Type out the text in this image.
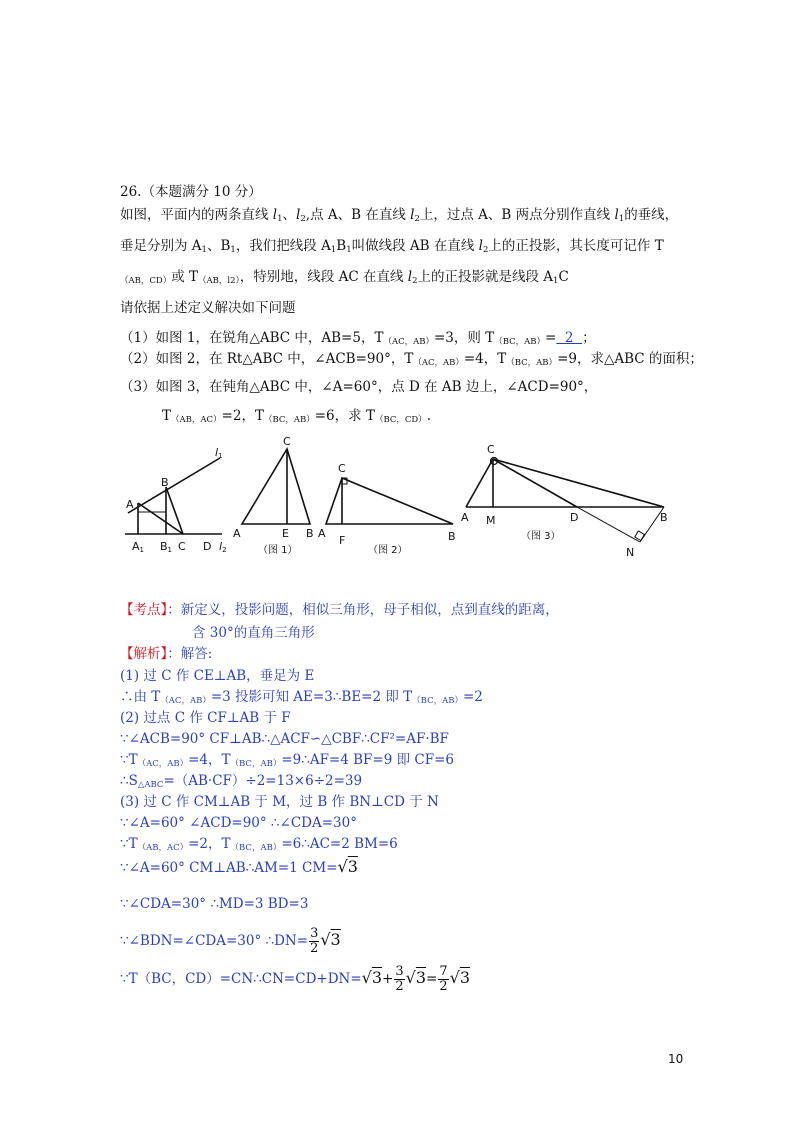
26.（本题满分 10 分）
如图，平面内的两条直线 $l_1$、$l_2$,点 A、B 在直线 $l_2$上，过点 A、B 两点分别作直线 $l_1$的垂线，
垂足分别为 $A_1$、$B_1$，我们把线段 $A_1B_1$叫做线段 AB 在直线 $l_2$上的正投影，其长度可记作 T
$_{(AB,CD)}$或 $T_{(AB,l2)}$，特别地，线段 AC 在直线 $l_2$上的正投影就是线段 $A_1C$
请依据上述定义解决如下问题
（1）如图 1，在锐角△ABC 中，AB=5，$T_{(AC,AB)}=3$，则 $T_{(BC,AB)}= 2$  ；
（2）如图 2，在 Rt△ABC 中，∠ACB=90°，$T_{(AC,AB)}=4$，$T_{(BC,AB)}=9$，求△ABC 的面积；
（3）如图 3，在钝角△ABC 中，∠A=60°，点 D 在 AB 边上，∠ACD=90°，
$T_{(AB,AC)}=2$，$T_{(BC,AB)}=6$，求 $T_{(BC,CD)}$.
l1
B
A
A1 B1 C D l2
C
A	E B
（图 1）
C
A
F	B
（图 2）
C
A M	D	B
N
（图 3）
【考点】：新定义，投影问题，相似三角形，母子相似，点到直线的距离，
含 30°的直角三角形
【解析】：解答:
(1) 过 C 作 CE⊥AB，垂足为 E
∴由 $T_{(AC,AB)}=3$ 投影可知 AE=3∴BE=2 即 $T_{(BC,AB)}=2$
(2) 过点 C 作 CF⊥AB 于 F
∵∠ACB=90° CF⊥AB∴△ACF∽△CBF∴CF²=AF·BF
$\because T_{(AC,AB)}=4$，$T_{(BC,AB)}=9\therefore AF=4$ BF=9 即 CF=6
$\therefore S_{\triangle ABC}=(AB\cdot CF)\div 2=13\times 6\div 2=39$
(3) 过 C 作 CM⊥AB 于 M，过 B 作 BN⊥CD 于 N
∵∠A=60° ∠ACD=90° ∴∠CDA=30°
$\because T_{(AB,AC)}=2$，$T_{(BC,AB)}=6\therefore AC=2$ BM=6
∵∠A=60° CM⊥AB∴AM=1 CM=√3
∵∠CDA=30° ∴MD=3 BD=3
∵∠BDN=∠CDA=30° ∴DN= $\frac{3}{2} √3$
∵T（BC，CD）=CN∴CN=CD+DN=√3+ $\frac{3}{2} √3= \frac{7}{2} √3$
10
